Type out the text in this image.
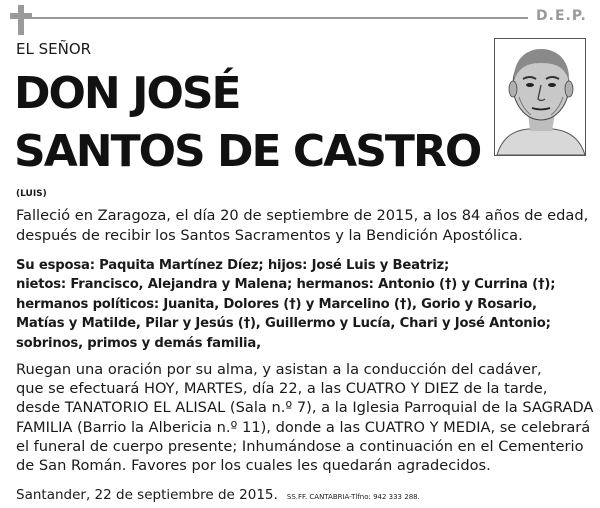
D.E.P.
EL SEÑOR
DON JOSÉ
SANTOS DE CASTRO
(LUIS)
Falleció en Zaragoza, el día 20 de septiembre de 2015, a los 84 años de edad,
después de recibir los Santos Sacramentos y la Bendición Apostólica.
Su esposa: Paquita Martínez Díez; hijos: José Luis y Beatriz;
nietos: Francisco, Alejandra y Malena; hermanos: Antonio (†) y Currina (†);
hermanos políticos: Juanita, Dolores (†) y Marcelino (†), Gorio y Rosario,
Matías y Matilde, Pilar y Jesús (†), Guillermo y Lucía, Chari y José Antonio;
sobrinos, primos y demás familia,
Ruegan una oración por su alma, y asistan a la conducción del cadáver,
que se efectuará HOY, MARTES, día 22, a las CUATRO Y DIEZ de la tarde,
desde TANATORIO EL ALISAL (Sala n.º 7), a la Iglesia Parroquial de la SAGRADA
FAMILIA (Barrio la Albericia n.º 11), donde a las CUATRO Y MEDIA, se celebrará
el funeral de cuerpo presente; Inhumándose a continuación en el Cementerio
de San Román. Favores por los cuales les quedarán agradecidos.
Santander, 22 de septiembre de 2015. SS.FF. CANTABRIA-Tlfno: 942 333 288.
